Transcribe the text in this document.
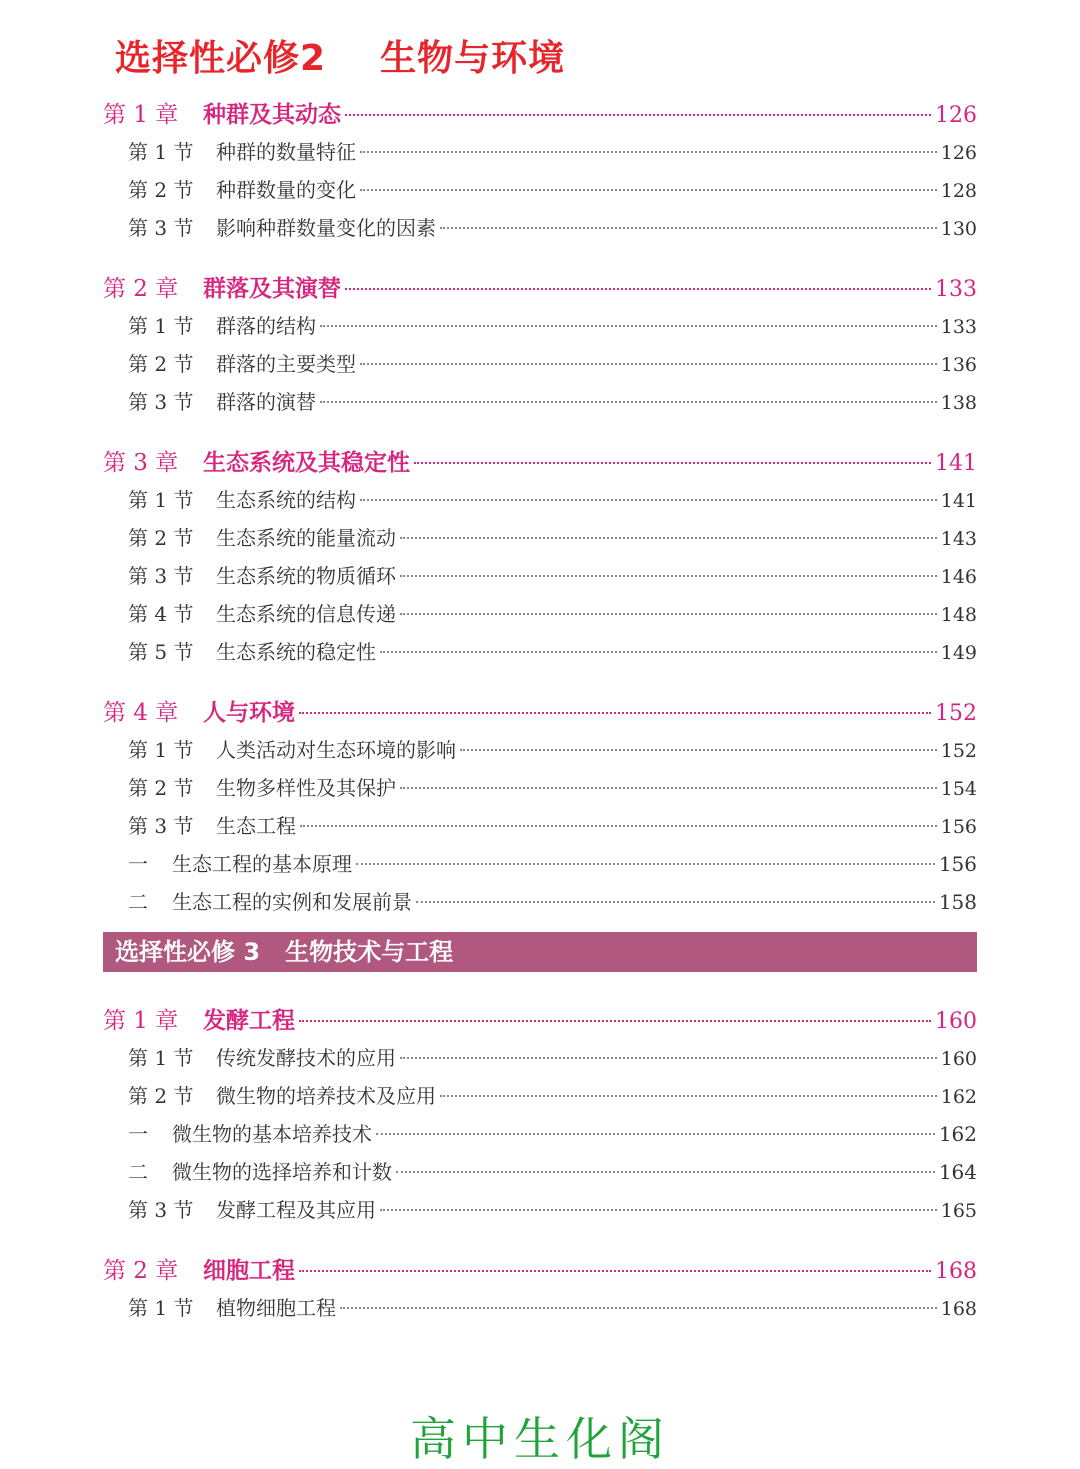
选择性必修2    生物与环境
第 1 章	种群及其动态	126
第 1 节	种群的数量特征	126
第 2 节	种群数量的变化	128
第 3 节	影响种群数量变化的因素	130
第 2 章	群落及其演替	133
第 1 节	群落的结构	133
第 2 节	群落的主要类型	136
第 3 节	群落的演替	138
第 3 章	生态系统及其稳定性	141
第 1 节	生态系统的结构	141
第 2 节	生态系统的能量流动	143
第 3 节	生态系统的物质循环	146
第 4 节	生态系统的信息传递	148
第 5 节	生态系统的稳定性	149
第 4 章	人与环境	152
第 1 节	人类活动对生态环境的影响	152
第 2 节	生物多样性及其保护	154
第 3 节	生态工程	156
一	生态工程的基本原理	156
二	生态工程的实例和发展前景	158
选择性必修 3   生物技术与工程
第 1 章	发酵工程	160
第 1 节	传统发酵技术的应用	160
第 2 节	微生物的培养技术及应用	162
一	微生物的基本培养技术	162
二	微生物的选择培养和计数	164
第 3 节	发酵工程及其应用	165
第 2 章	细胞工程	168
第 1 节	植物细胞工程	168
高中生化阁
